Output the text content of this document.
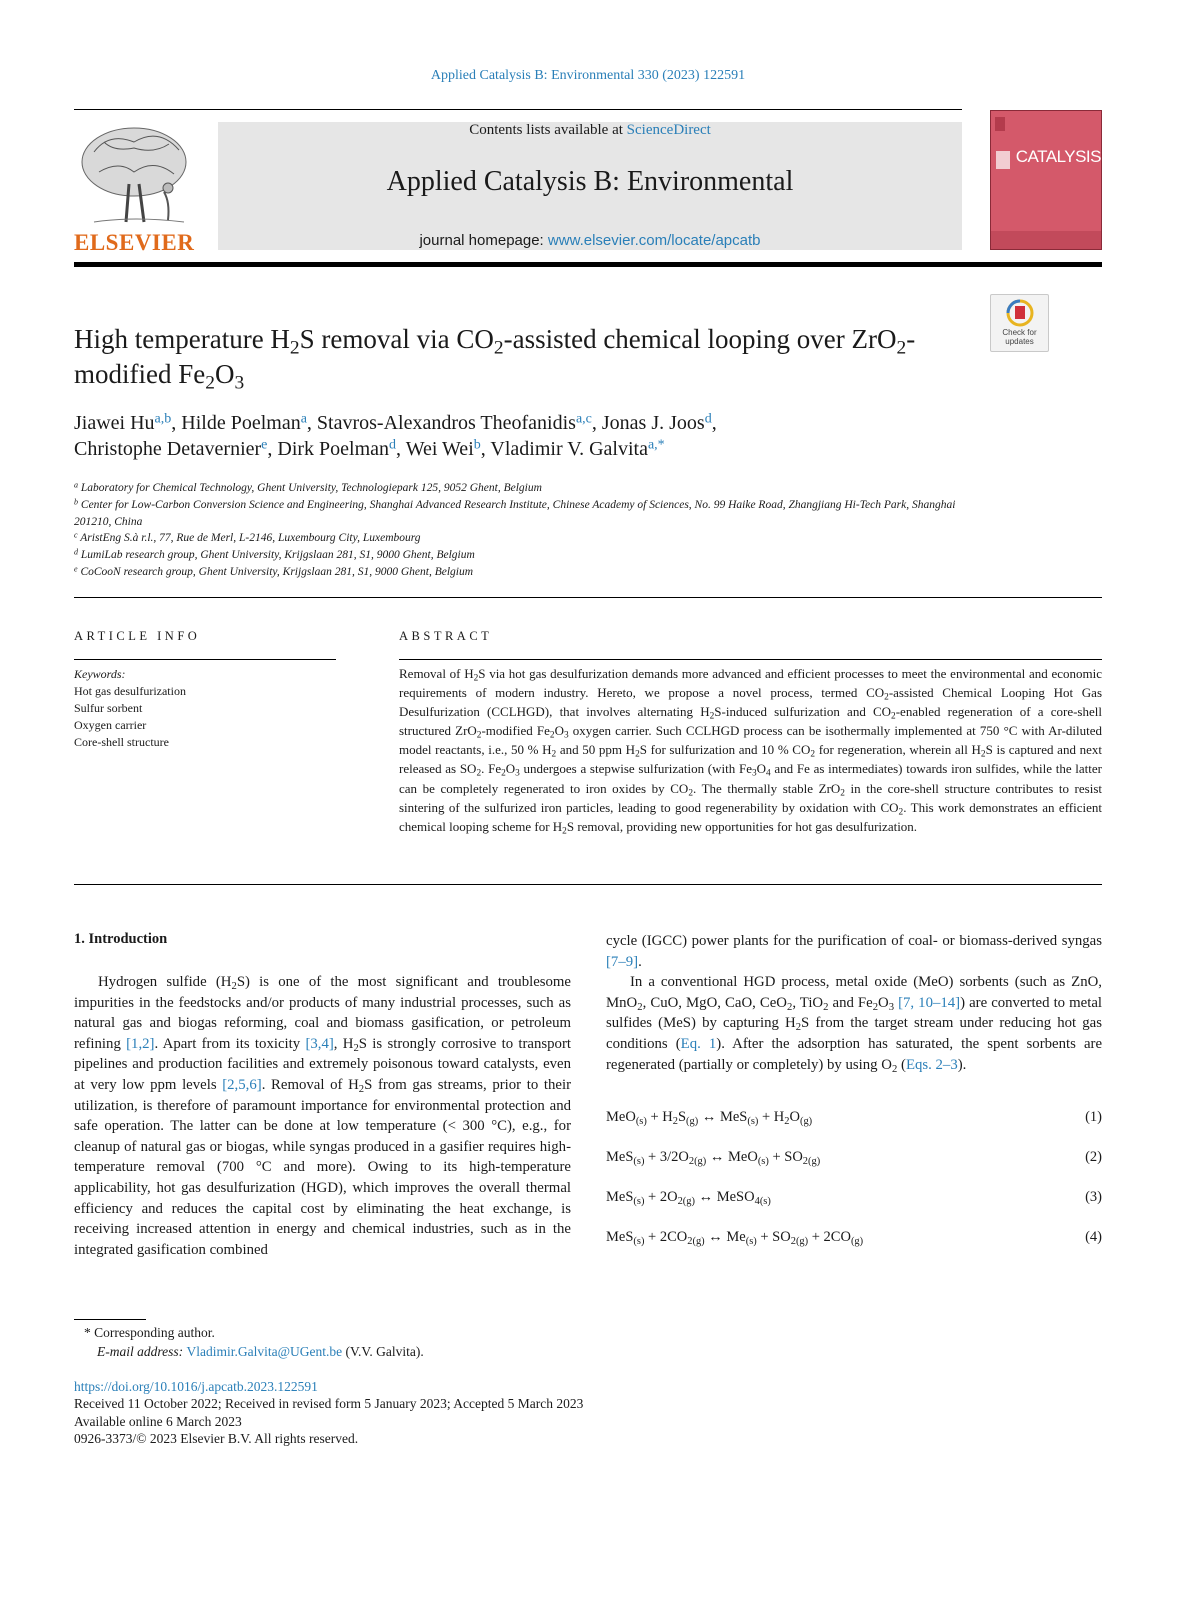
Applied Catalysis B: Environmental 330 (2023) 122591
ELSEVIER
Contents lists available at ScienceDirect
Applied Catalysis B: Environmental
journal homepage: www.elsevier.com/locate/apcatb
CATALYSIS
Check for updates
High temperature $H_2S$ removal via $CO_2$-assisted chemical looping over ZrO$_2$-modified $Fe_2O_3$
Jiawei Hu$^{a,b}$, Hilde Poelman$^a$, Stavros-Alexandros Theofanidis$^{a,c}$, Jonas J. Joos$^d$,
Christophe Detavernier$^e$, Dirk Poelman$^d$, Wei Wei$^b$, Vladimir V. Galvita$^{a,*}$
$^a$ Laboratory for Chemical Technology, Ghent University, Technologiepark 125, 9052 Ghent, Belgium
$^b$ Center for Low-Carbon Conversion Science and Engineering, Shanghai Advanced Research Institute, Chinese Academy of Sciences, No. 99 Haike Road, Zhangjiang Hi-Tech Park, Shanghai 201210, China
$^c$ AristEng S.à r.l., 77, Rue de Merl, L-2146, Luxembourg City, Luxembourg
$^d$ LumiLab research group, Ghent University, Krijgslaan 281, S1, 9000 Ghent, Belgium
$^e$ CoCooN research group, Ghent University, Krijgslaan 281, S1, 9000 Ghent, Belgium
ARTICLE INFO	ABSTRACT
Keywords:
Hot gas desulfurization
Sulfur sorbent
Oxygen carrier
Core-shell structure
Removal of $H_2S$ via hot gas desulfurization demands more advanced and efficient processes to meet the environmental and economic requirements of modern industry. Hereto, we propose a novel process, termed $CO_2$-assisted Chemical Looping Hot Gas Desulfurization (CCLHGD), that involves alternating $H_2S$-induced sulfurization and $CO_2$-enabled regeneration of a core-shell structured ZrO$_2$-modified $Fe_2O_3$ oxygen carrier. Such CCLHGD process can be isothermally implemented at 750 °C with Ar-diluted model reactants, i.e., 50 % $H_2$ and 50 ppm $H_2S$ for sulfurization and 10 % $CO_2$ for regeneration, wherein all $H_2S$ is captured and next released as $SO_2$. $Fe_2O_3$ undergoes a stepwise sulfurization (with $Fe_3O_4$ and Fe as intermediates) towards iron sulfides, while the latter can be completely regenerated to iron oxides by $CO_2$. The thermally stable ZrO$_2$ in the core-shell structure contributes to resist sintering of the sulfurized iron particles, leading to good regenerability by oxidation with $CO_2$. This work demonstrates an efficient chemical looping scheme for $H_2S$ removal, providing new opportunities for hot gas desulfurization.
1. Introduction

Hydrogen sulfide $(H_2S)$ is one of the most significant and troublesome impurities in the feedstocks and/or products of many industrial processes, such as natural gas and biogas reforming, coal and biomass gasification, or petroleum refining [1,2]. Apart from its toxicity [3,4], $H_2S$ is strongly corrosive to transport pipelines and production facilities and extremely poisonous toward catalysts, even at very low ppm levels [2,5,6]. Removal of $H_2S$ from gas streams, prior to their utilization, is therefore of paramount importance for environmental protection and safe operation. The latter can be done at low temperature (< 300 °C), e.g., for cleanup of natural gas or biogas, while syngas produced in a gasifier requires high-temperature removal (700 °C and more). Owing to its high-temperature applicability, hot gas desulfurization (HGD), which improves the overall thermal efficiency and reduces the capital cost by eliminating the heat exchange, is receiving increased attention in energy and chemical industries, such as in the integrated gasification combined

cycle (IGCC) power plants for the purification of coal- or biomass-derived syngas [7–9].

In a conventional HGD process, metal oxide (MeO) sorbents (such as ZnO, MnO$_2$, CuO, MgO, CaO, CeO$_2$, TiO$_2$ and $Fe_2O_3$ [7, 10–14]) are converted to metal sulfides (MeS) by capturing $H_2S$ from the target stream under reducing hot gas conditions (Eq. 1). After the adsorption has saturated, the spent sorbents are regenerated (partially or completely) by using $O_2$ (Eqs. 2–3).

$MeO_{(s)} + H_2S_{(g)}$ ↔ $MeS_{(s)} + H_2O_{(g)}$	(1)
$MeS_{(s)} + 3/2O_{2(g)}$ ↔ $MeO_{(s)} + SO_{2(g)}$	(2)
$MeS_{(s)} + 2O_{2(g)}$ ↔ MeSO$_{4(s)}$	(3)
$MeS_{(s)} + 2CO_{2(g)}$ ↔ $Me_{(s)} + SO_{2(g)} + 2CO_{(g)}$	(4)
* Corresponding author.
E-mail address: Vladimir.Galvita@UGent.be (V.V. Galvita).
https://doi.org/10.1016/j.apcatb.2023.122591
Received 11 October 2022; Received in revised form 5 January 2023; Accepted 5 March 2023
Available online 6 March 2023
0926-3373/© 2023 Elsevier B.V. All rights reserved.
